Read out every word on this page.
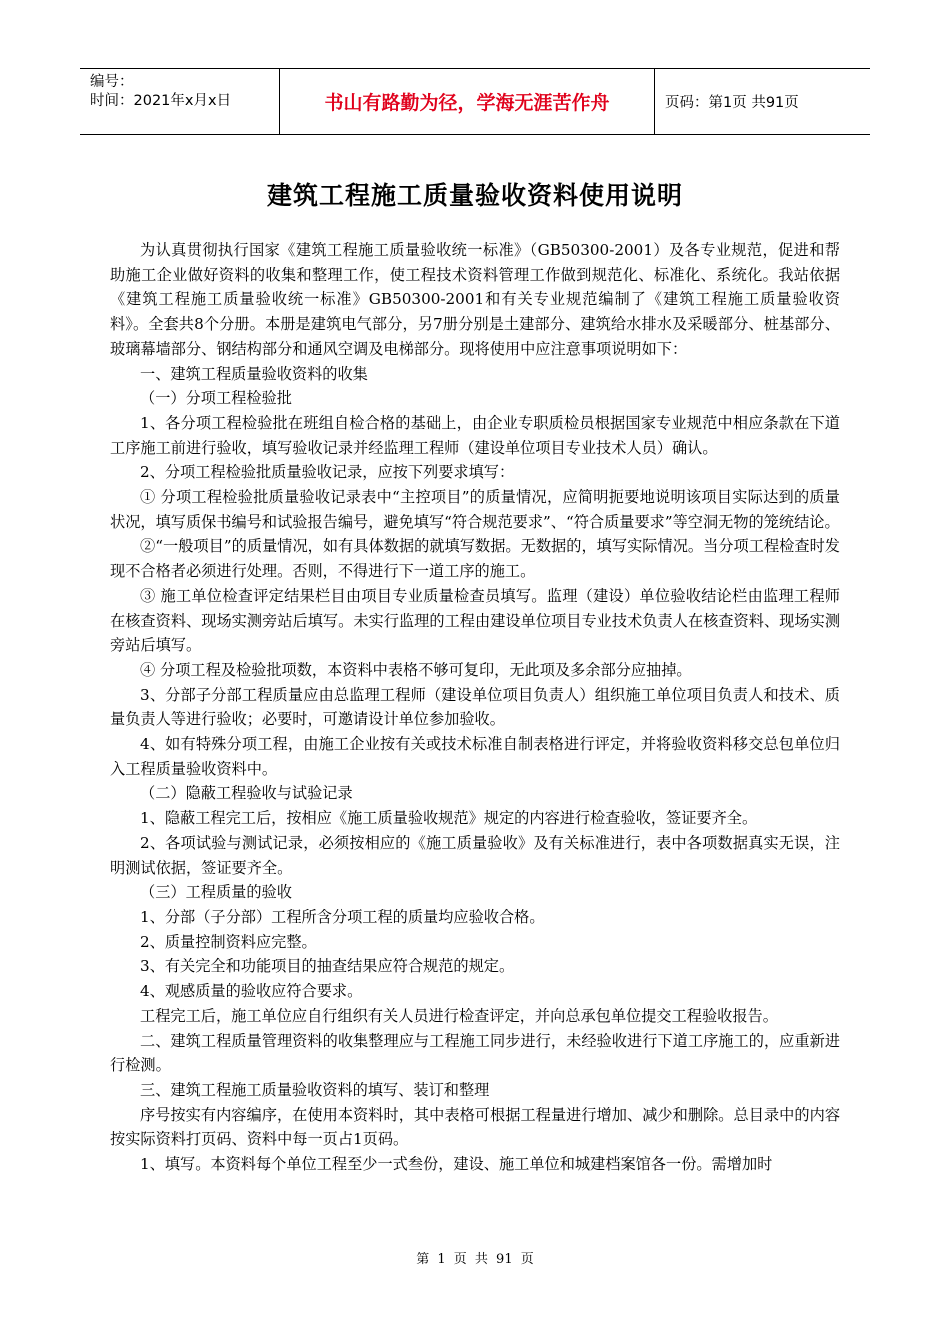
编号：
时间：2021年x月x日	书山有路勤为径，学海无涯苦作舟	页码：第1页 共91页
建筑工程施工质量验收资料使用说明

为认真贯彻执行国家《建筑工程施工质量验收统一标准》（GB50300-2001）及各专业规范，促进和帮助施工企业做好资料的收集和整理工作，使工程技术资料管理工作做到规范化、标准化、系统化。我站依据《建筑工程施工质量验收统一标准》GB50300-2001和有关专业规范编制了《建筑工程施工质量验收资料》。全套共8个分册。本册是建筑电气部分，另7册分别是土建部分、建筑给水排水及采暖部分、桩基部分、玻璃幕墙部分、钢结构部分和通风空调及电梯部分。现将使用中应注意事项说明如下：

一、建筑工程质量验收资料的收集

（一）分项工程检验批

1、各分项工程检验批在班组自检合格的基础上，由企业专职质检员根据国家专业规范中相应条款在下道工序施工前进行验收，填写验收记录并经监理工程师（建设单位项目专业技术人员）确认。

2、分项工程检验批质量验收记录，应按下列要求填写：

① 分项工程检验批质量验收记录表中“主控项目”的质量情况，应简明扼要地说明该项目实际达到的质量状况，填写质保书编号和试验报告编号，避免填写“符合规范要求”、“符合质量要求”等空洞无物的笼统结论。

②“一般项目”的质量情况，如有具体数据的就填写数据。无数据的，填写实际情况。当分项工程检查时发现不合格者必须进行处理。否则，不得进行下一道工序的施工。

③ 施工单位检查评定结果栏目由项目专业质量检查员填写。监理（建设）单位验收结论栏由监理工程师在核查资料、现场实测旁站后填写。未实行监理的工程由建设单位项目专业技术负责人在核查资料、现场实测旁站后填写。

④ 分项工程及检验批项数，本资料中表格不够可复印，无此项及多余部分应抽掉。

3、分部子分部工程质量应由总监理工程师（建设单位项目负责人）组织施工单位项目负责人和技术、质量负责人等进行验收；必要时，可邀请设计单位参加验收。

4、如有特殊分项工程，由施工企业按有关或技术标准自制表格进行评定，并将验收资料移交总包单位归入工程质量验收资料中。

（二）隐蔽工程验收与试验记录

1、隐蔽工程完工后，按相应《施工质量验收规范》规定的内容进行检查验收，签证要齐全。

2、各项试验与测试记录，必须按相应的《施工质量验收》及有关标准进行，表中各项数据真实无误，注明测试依据，签证要齐全。

（三）工程质量的验收

1、分部（子分部）工程所含分项工程的质量均应验收合格。

2、质量控制资料应完整。

3、有关完全和功能项目的抽查结果应符合规范的规定。

4、观感质量的验收应符合要求。

工程完工后，施工单位应自行组织有关人员进行检查评定，并向总承包单位提交工程验收报告。

二、建筑工程质量管理资料的收集整理应与工程施工同步进行，未经验收进行下道工序施工的，应重新进行检测。

三、建筑工程施工质量验收资料的填写、装订和整理

序号按实有内容编序，在使用本资料时，其中表格可根据工程量进行增加、减少和删除。总目录中的内容按实际资料打页码、资料中每一页占1页码。

1、填写。本资料每个单位工程至少一式叁份，建设、施工单位和城建档案馆各一份。需增加时

第 1 页 共 91 页
